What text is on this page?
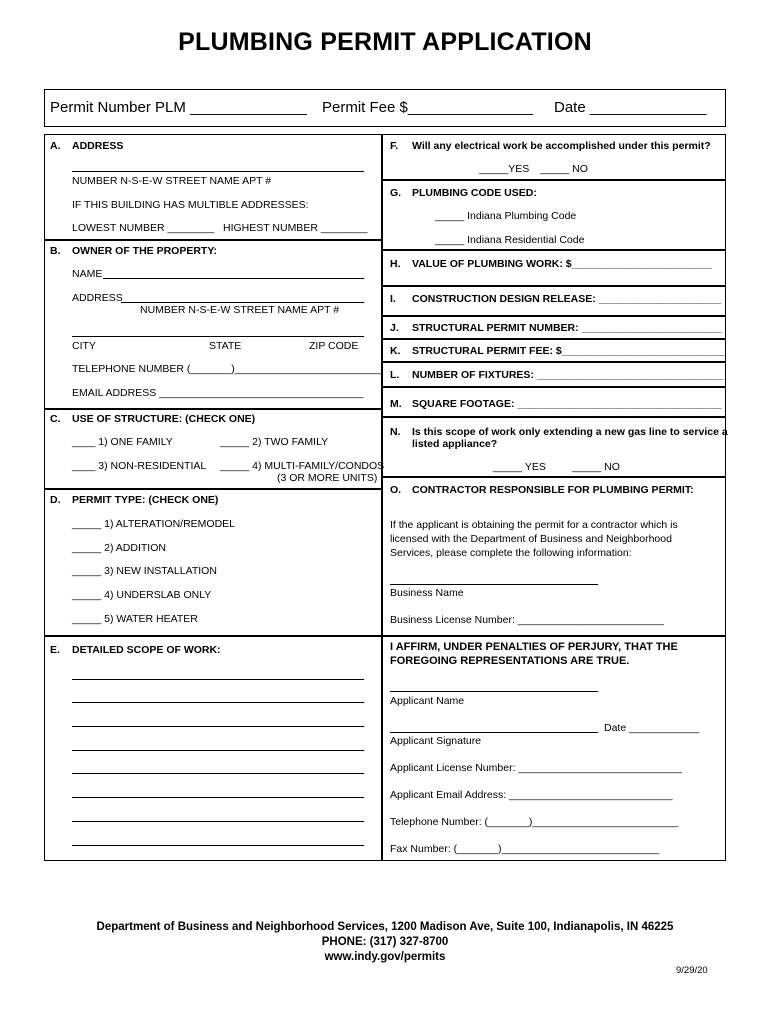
PLUMBING PERMIT APPLICATION
Permit Number PLM ______________ Permit Fee $_______________ Date ______________
A. ADDRESS
NUMBER N-S-E-W STREET NAME APT #
IF THIS BUILDING HAS MULTIBLE ADDRESSES:
LOWEST NUMBER ________ HIGHEST NUMBER ________
B. OWNER OF THE PROPERTY:
NAME
ADDRESS
NUMBER N-S-E-W STREET NAME APT #
CITY	STATE	ZIP CODE
TELEPHONE NUMBER (_______)_________________________
EMAIL ADDRESS ___________________________________
C. USE OF STRUCTURE: (CHECK ONE)
____ 1) ONE FAMILY	_____ 2) TWO FAMILY
____ 3) NON-RESIDENTIAL _____ 4) MULTI-FAMILY/CONDOS
(3 OR MORE UNITS)
D. PERMIT TYPE: (CHECK ONE)
_____ 1) ALTERATION/REMODEL
_____ 2) ADDITION
_____ 3) NEW INSTALLATION
_____ 4) UNDERSLAB ONLY
_____ 5) WATER HEATER
E. DETAILED SCOPE OF WORK:
F. Will any electrical work be accomplished under this permit?
_____YES _____ NO
G. PLUMBING CODE USED:
_____ Indiana Plumbing Code
_____ Indiana Residential Code
H. VALUE OF PLUMBING WORK: $________________________
I. CONSTRUCTION DESIGN RELEASE: _____________________
J. STRUCTURAL PERMIT NUMBER: ________________________
K. STRUCTURAL PERMIT FEE: $____________________________
L. NUMBER OF FIXTURES: ________________________________
M. SQUARE FOOTAGE: ___________________________________
N. Is this scope of work only extending a new gas line to service a
listed appliance?
_____ YES _____ NO
O. CONTRACTOR RESPONSIBLE FOR PLUMBING PERMIT:
If the applicant is obtaining the permit for a contractor which is licensed with the Department of Business and Neighborhood Services, please complete the following information:
Business Name
Business License Number: _________________________
I AFFIRM, UNDER PENALTIES OF PERJURY, THAT THE
FOREGOING REPRESENTATIONS ARE TRUE.
Applicant Name
Date ____________
Applicant Signature
Applicant License Number: ____________________________
Applicant Email Address: ____________________________
Telephone Number: (_______)_________________________
Fax Number: (_______)___________________________
Department of Business and Neighborhood Services, 1200 Madison Ave, Suite 100, Indianapolis, IN 46225
PHONE: (317) 327-8700
www.indy.gov/permits
9/29/20
